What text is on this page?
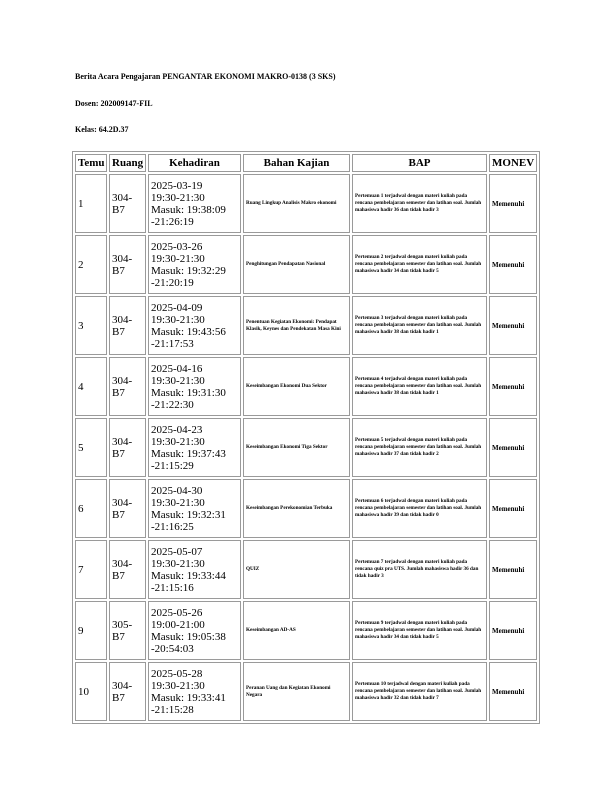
Berita Acara Pengajaran PENGANTAR EKONOMI MAKRO-0138 (3 SKS)
Dosen: 202009147-FIL
Kelas: 64.2D.37
Temu	Ruang	Kehadiran	Bahan Kajian	BAP	MONEV
1	304-B7	2025-03-19
19:30-21:30
Masuk: 19:38:09
-21:26:19	Ruang Lingkup Analisis Makro ekonomi	Pertemuan 1 terjadwal dengan materi kuliah pada rencana pembelajaran semester dan latihan soal. Jumlah mahasiswa hadir 36 dan tidak hadir 3	Memenuhi
2	304-B7	2025-03-26
19:30-21:30
Masuk: 19:32:29
-21:20:19	Penghitungan Pendapatan Nasional	Pertemuan 2 terjadwal dengan materi kuliah pada rencana pembelajaran semester dan latihan soal. Jumlah mahasiswa hadir 34 dan tidak hadir 5	Memenuhi
3	304-B7	2025-04-09
19:30-21:30
Masuk: 19:43:56
-21:17:53	Penentuan Kegiatan Ekonomi: Pendapat Klasik, Keynes dan Pendekatan Masa Kini	Pertemuan 3 terjadwal dengan materi kuliah pada rencana pembelajaran semester dan latihan soal. Jumlah mahasiswa hadir 38 dan tidak hadir 1	Memenuhi
4	304-B7	2025-04-16
19:30-21:30
Masuk: 19:31:30
-21:22:30	Keseimbangan Ekonomi Dua Sektor	Pertemuan 4 terjadwal dengan materi kuliah pada rencana pembelajaran semester dan latihan soal. Jumlah mahasiswa hadir 38 dan tidak hadir 1	Memenuhi
5	304-B7	2025-04-23
19:30-21:30
Masuk: 19:37:43
-21:15:29	Keseimbangan Ekonomi Tiga Sektor	Pertemuan 5 terjadwal dengan materi kuliah pada rencana pembelajaran semester dan latihan soal. Jumlah mahasiswa hadir 37 dan tidak hadir 2	Memenuhi
6	304-B7	2025-04-30
19:30-21:30
Masuk: 19:32:31
-21:16:25	Keseimbangan Perekonomian Terbuka	Pertemuan 6 terjadwal dengan materi kuliah pada rencana pembelajaran semester dan latihan soal. Jumlah mahasiswa hadir 39 dan tidak hadir 0	Memenuhi
7	304-B7	2025-05-07
19:30-21:30
Masuk: 19:33:44
-21:15:16	QUIZ	Pertemuan 7 terjadwal dengan materi kuliah pada rencana quiz pra UTS. Jumlah mahasiswa hadir 36 dan tidak hadir 3	Memenuhi
9	305-B7	2025-05-26
19:00-21:00
Masuk: 19:05:38
-20:54:03	Keseimbangan AD-AS	Pertemuan 9 terjadwal dengan materi kuliah pada rencana pembelajaran semester dan latihan soal. Jumlah mahasiswa hadir 34 dan tidak hadir 5	Memenuhi
10	304-B7	2025-05-28
19:30-21:30
Masuk: 19:33:41
-21:15:28	Peranan Uang dan Kegiatan Ekonomi Negara	Pertemuan 10 terjadwal dengan materi kuliah pada rencana pembelajaran semester dan latihan soal. Jumlah mahasiswa hadir 32 dan tidak hadir 7	Memenuhi
